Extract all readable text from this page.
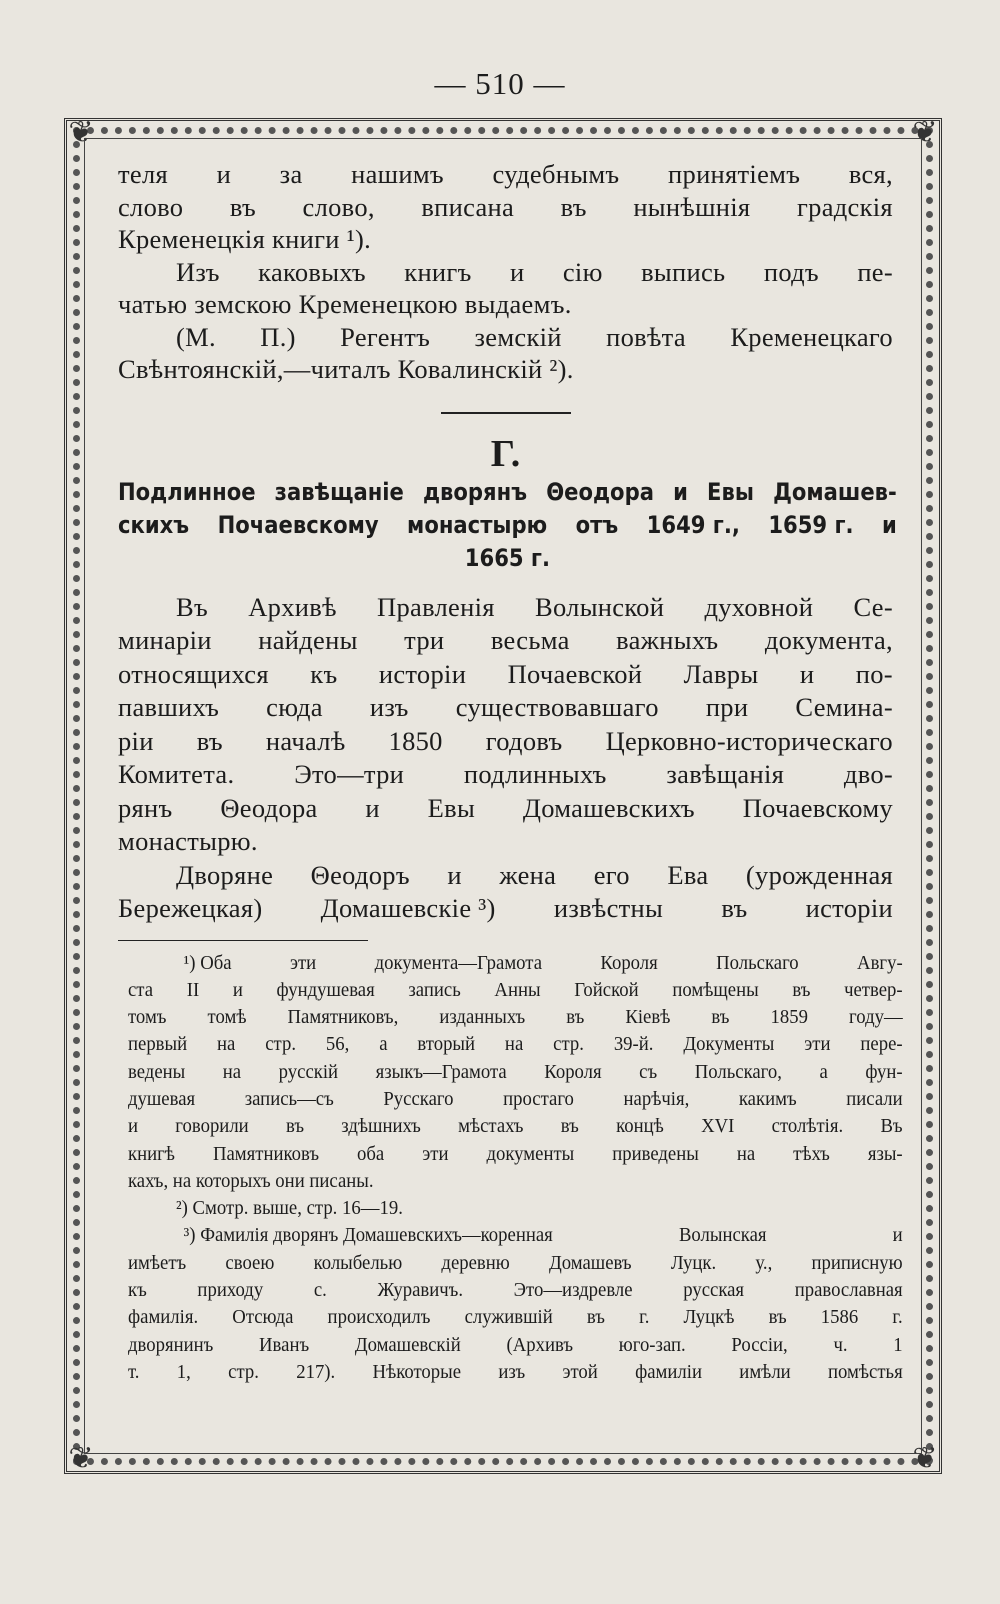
— 510 —
❦	❦
❦	❦
теля и за нашимъ судебнымъ принятіемъ вся,
слово въ слово, вписана въ нынѣшнія градскія
Кременецкія книги ¹).
Изъ каковыхъ книгъ и сію выпись подъ пе-
чатью земскою Кременецкою выдаемъ.
(М. П.) Регентъ земскій повѣта Кременецкаго
Свѣнтоянскій,—читалъ Ковалинскій ²).
Г.
Подлинное завѣщаніе дворянъ Θеодора и Евы Домашев-
скихъ Почаевскому монастырю отъ 1649 г., 1659 г. и
1665 г.
Въ Архивѣ Правленія Волынской духовной Се-
минаріи найдены три весьма важныхъ документа,
относящихся къ исторіи Почаевской Лавры и по-
павшихъ сюда изъ существовавшаго при Семина-
ріи въ началѣ 1850 годовъ Церковно-историческаго
Комитета. Это—три подлинныхъ завѣщанія дво-
рянъ Θеодора и Евы Домашевскихъ Почаевскому
монастырю.
Дворяне Θеодоръ и жена его Ева (урожденная
Бережецкая) Домашевскіе ³) извѣстны въ исторіи
¹) Оба	эти	документа—Грамота	Короля	Польскаго	Авгу-
ста II и фундушевая запись Анны Гойской помѣщены въ четвер-
томъ томѣ Памятниковъ, изданныхъ въ Кіевѣ въ 1859 году—
первый на стр. 56, а вторый на стр. 39-й. Документы эти пере-
ведены на русскій языкъ—Грамота Короля съ Польскаго, а фун-
душевая	запись—съ	Русскаго	простаго	нарѣчія,	какимъ	писали
и говорили въ здѣшнихъ мѣстахъ въ концѣ XVI столѣтія. Въ
книгѣ Памятниковъ оба эти документы приведены на тѣхъ язы-
кахъ, на которыхъ они писаны.
²) Смотр. выше, стр. 16—19.
³) Фамилія дворянъ Домашевскихъ—коренная	Волынская	и
имѣетъ своею колыбелью деревню Домашевъ Луцк. у., приписную
къ	приходу	с.	Журавичъ.	Это—издревле	русская	православная
фамилія. Отсюда происходилъ служившій въ г. Луцкѣ въ 1586 г.
дворянинъ Иванъ Домашевскій (Архивъ юго-зап. Россіи, ч. 1
т. 1, стр. 217). Нѣкоторые изъ этой фамиліи имѣли помѣстья
